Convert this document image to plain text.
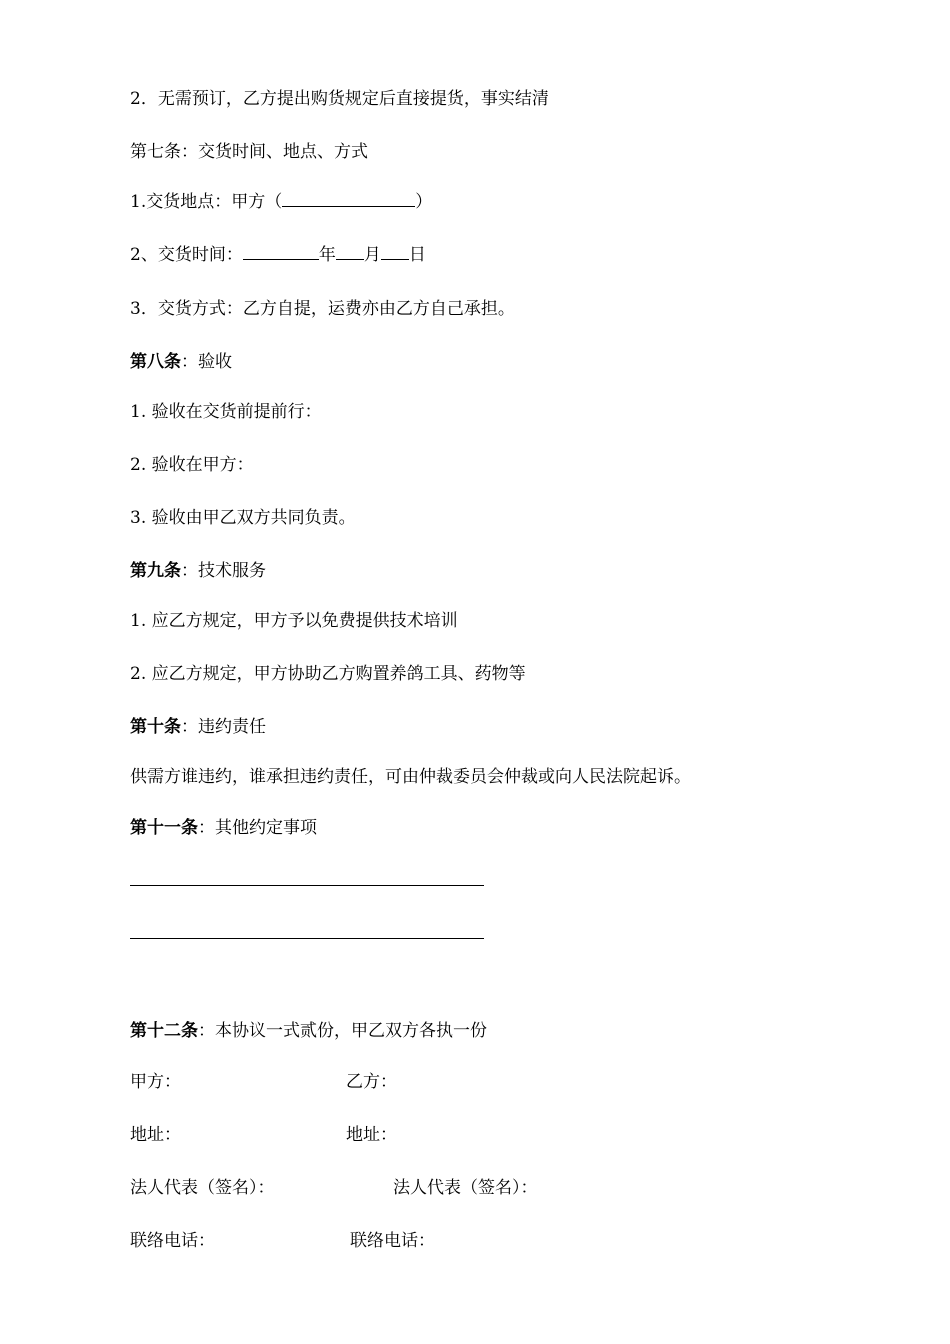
2．无需预订，乙方提出购货规定后直接提货，事实结清
第七条：交货时间、地点、方式
1.交货地点：甲方（	）
2、交货时间：	年 月 日
3．交货方式：乙方自提，运费亦由乙方自己承担。
第八条：验收
1. 验收在交货前提前行：
2. 验收在甲方：
3. 验收由甲乙双方共同负责。
第九条：技术服务
1. 应乙方规定，甲方予以免费提供技术培训
2. 应乙方规定，甲方协助乙方购置养鸽工具、药物等
第十条：违约责任
供需方谁违约，谁承担违约责任，可由仲裁委员会仲裁或向人民法院起诉。
第十一条：其他约定事项
第十二条：本协议一式贰份，甲乙双方各执一份
甲方：	乙方：
地址：	地址：
法人代表（签名）：	法人代表（签名）：
联络电话：	联络电话：
